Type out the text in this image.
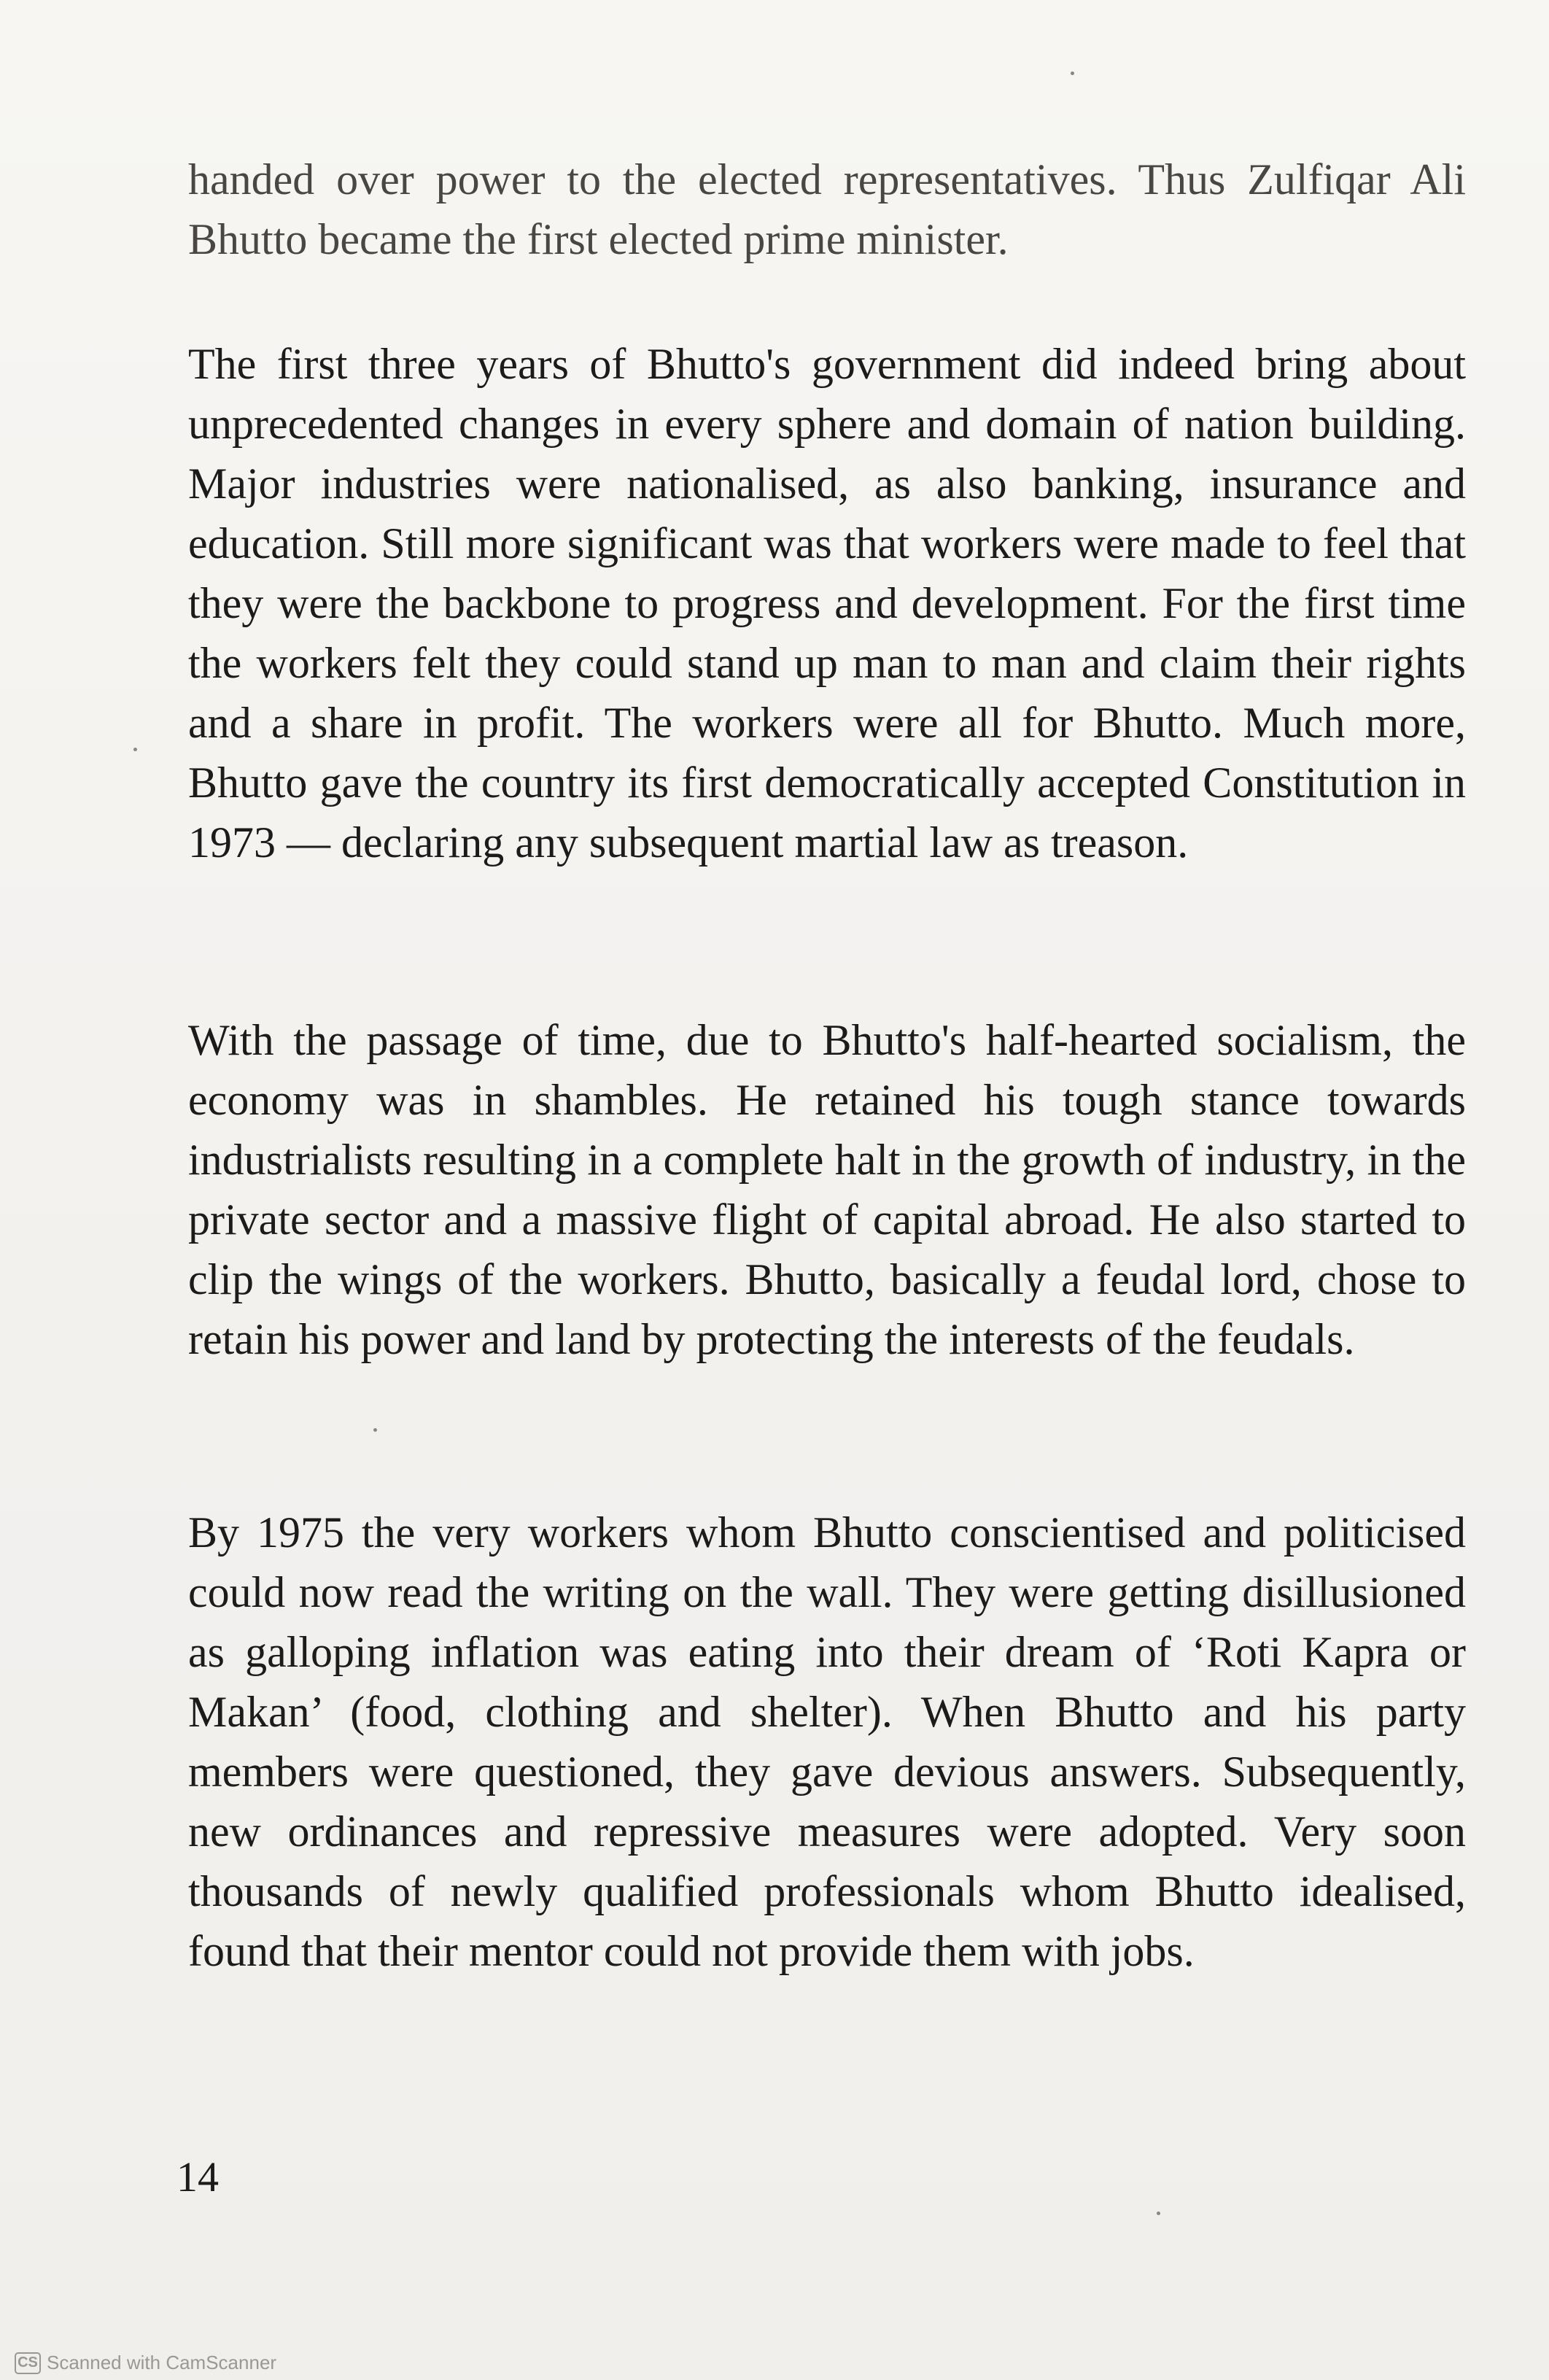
handed over power to the elected representatives. Thus Zulfiqar Ali Bhutto became the first elected prime minister.

The first three years of Bhutto's government did indeed bring about unprecedented changes in every sphere and domain of nation building. Major industries were nationalised, as also banking, insurance and education. Still more significant was that workers were made to feel that they were the backbone to progress and development. For the first time the workers felt they could stand up man to man and claim their rights and a share in profit. The workers were all for Bhutto. Much more, Bhutto gave the country its first democratically accepted Constitution in 1973 — declaring any subsequent martial law as treason.

With the passage of time, due to Bhutto's half-hearted socialism, the economy was in shambles. He retained his tough stance towards industrialists resulting in a complete halt in the growth of industry, in the private sector and a massive flight of capital abroad. He also started to clip the wings of the workers. Bhutto, basically a feudal lord, chose to retain his power and land by protecting the interests of the feudals.

By 1975 the very workers whom Bhutto conscientised and politicised could now read the writing on the wall. They were getting disillusioned as galloping inflation was eating into their dream of ‘Roti Kapra or Makan’ (food, clothing and shelter). When Bhutto and his party members were questioned, they gave devious answers. Subsequently, new ordinances and repressive measures were adopted. Very soon thousands of newly qualified professionals whom Bhutto idealised, found that their mentor could not provide them with jobs.

14
CS Scanned with CamScanner
